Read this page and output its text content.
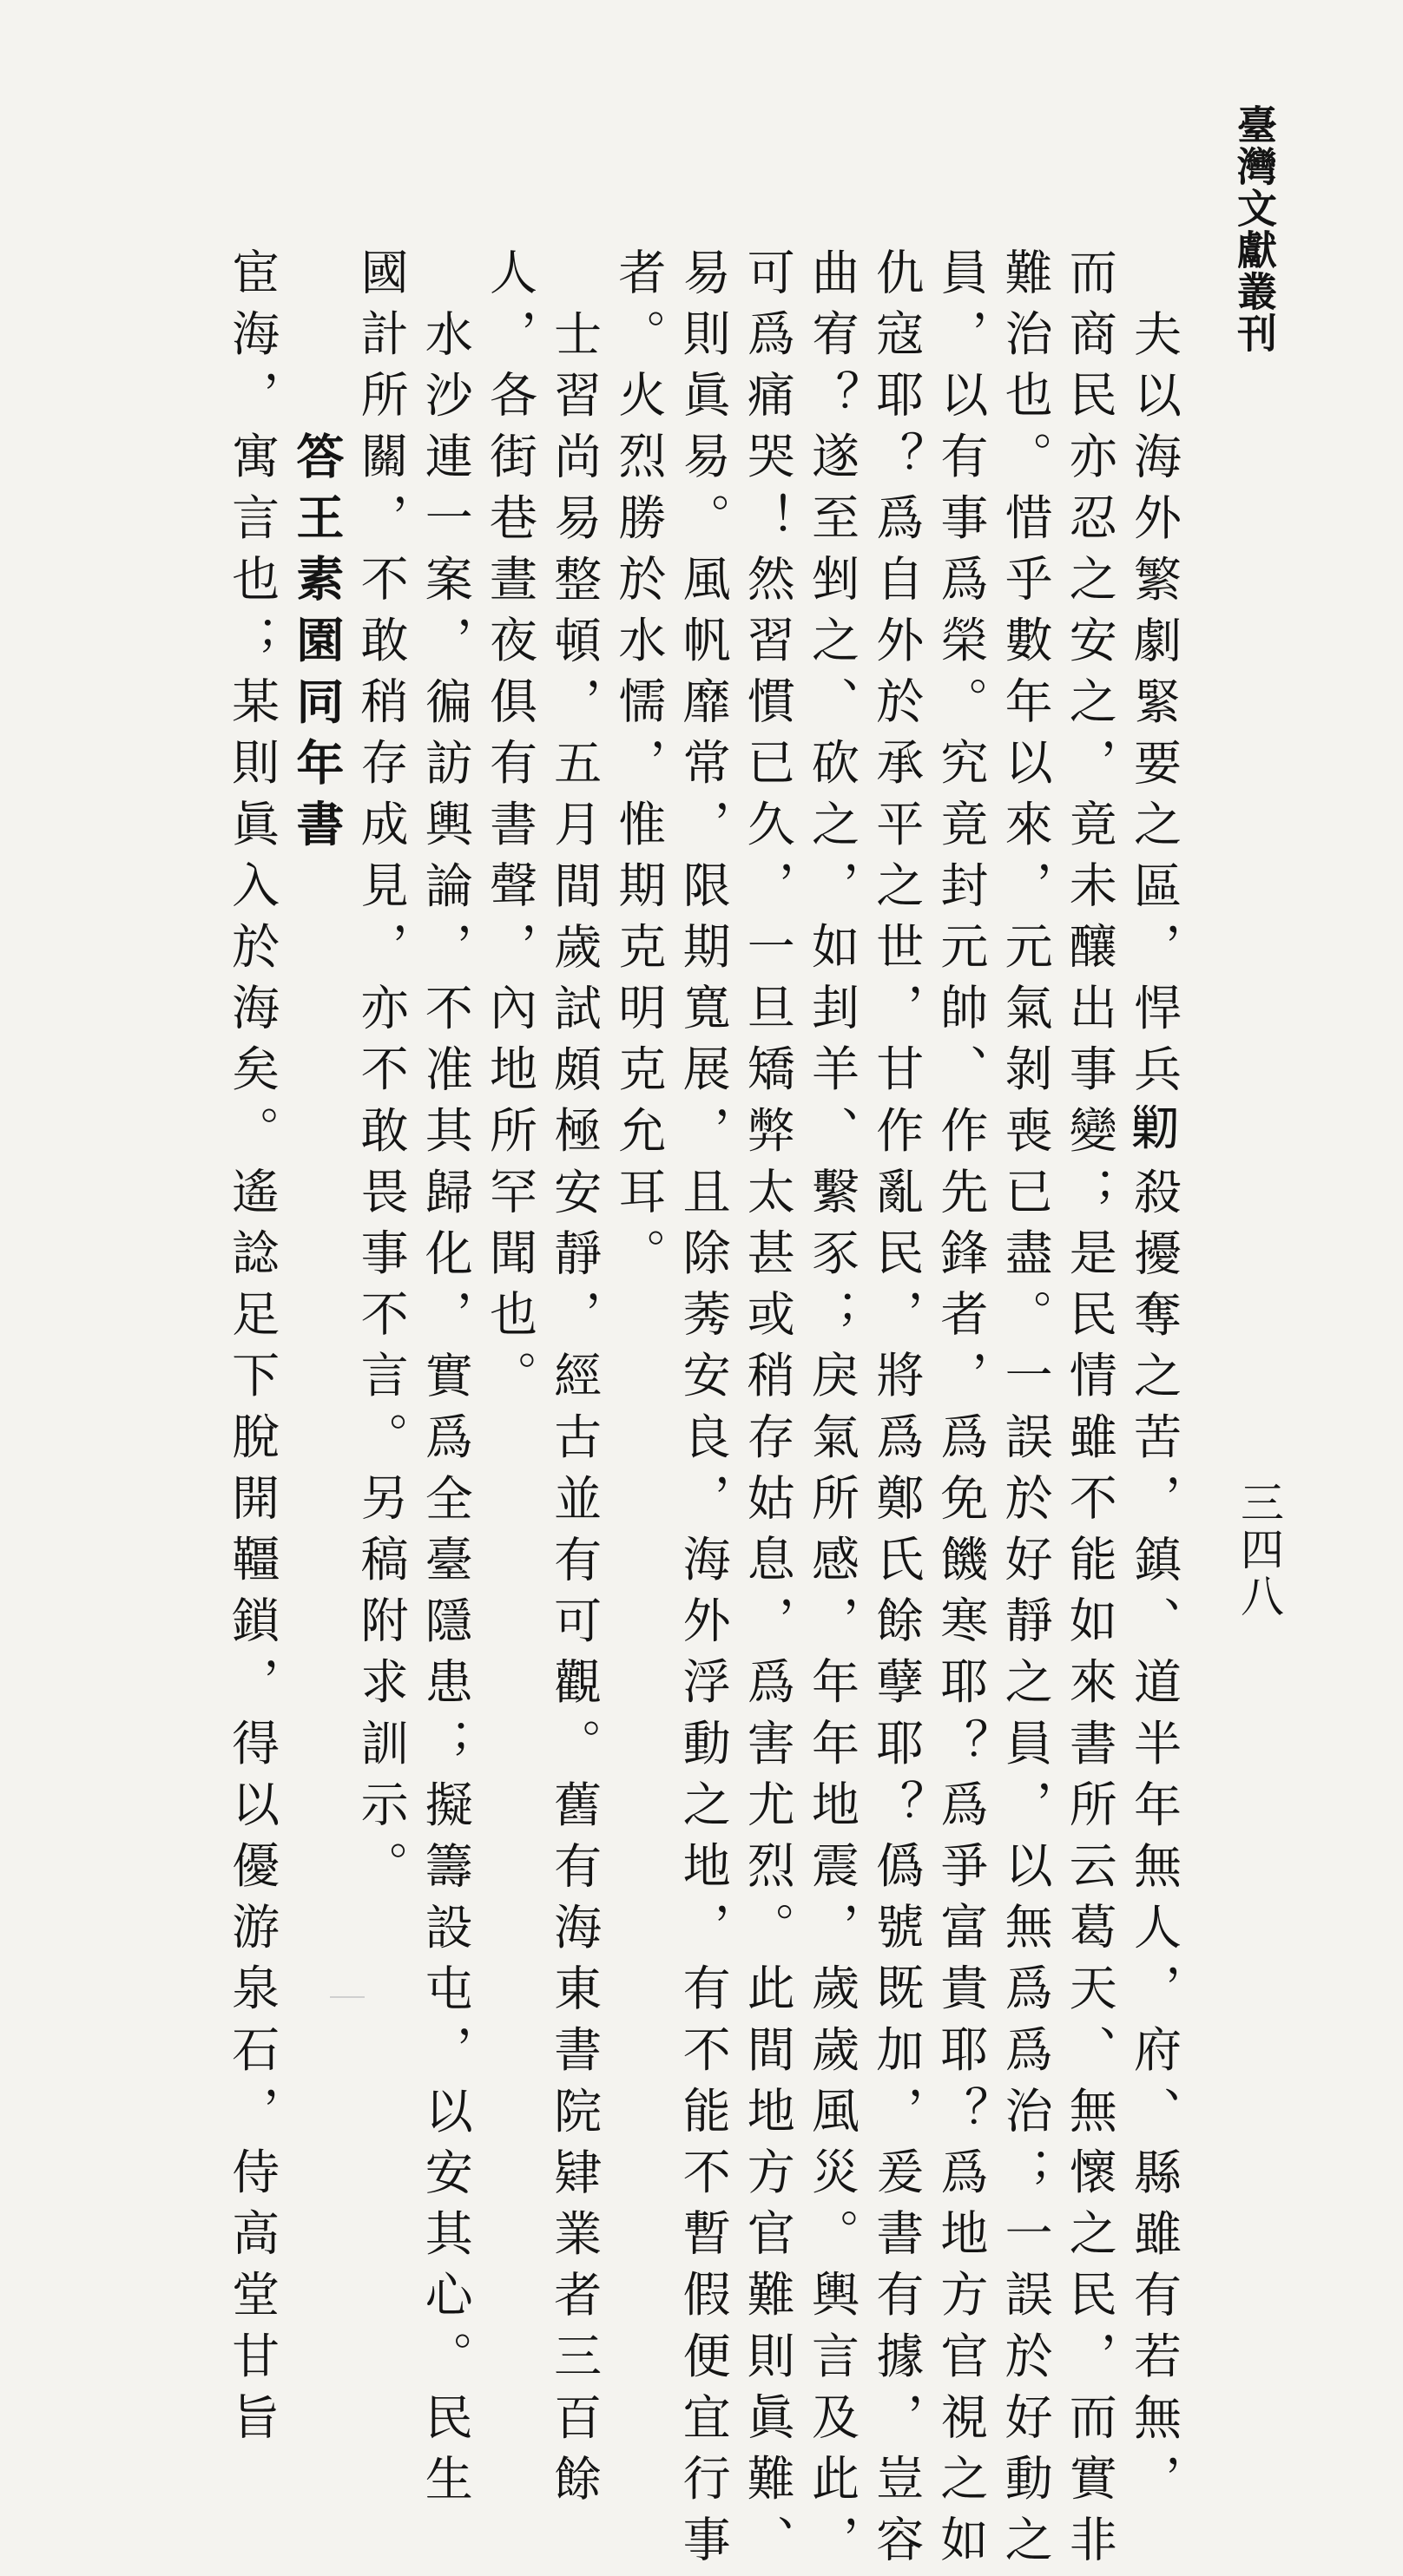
臺灣文獻叢刊
三四八
夫以海外繁劇緊要之區，悍兵𠞰殺擾奪之苦，鎮、道半年無人，府、縣雖有若無，
而商民亦忍之安之，竟未釀出事變；是民情雖不能如來書所云葛天、無懷之民，而實非
難治也。惜乎數年以來，元氣剝喪已盡。一誤於好靜之員，以無爲爲治；一誤於好動之
員，以有事爲榮。究竟封元帥、作先鋒者，爲免饑寒耶？爲爭富貴耶？爲地方官視之如
仇寇耶？爲自外於承平之世，甘作亂民，將爲鄭氏餘孽耶？僞號既加，爰書有據，豈容
曲宥？遂至剉之、砍之，如刲羊、繫豕；戾氣所感，年年地震，歲歲風災。輿言及此，
可爲痛哭！然習慣已久，一旦矯弊太甚或稍存姑息，爲害尤烈。此間地方官難則眞難、
易則眞易。風帆靡常，限期寬展，且除莠安良，海外浮動之地，有不能不暫假便宜行事
者。火烈勝於水懦，惟期克明克允耳。
士習尚易整頓，五月間歲試頗極安靜，經古並有可觀。舊有海東書院肄業者三百餘
人，各街巷晝夜俱有書聲，內地所罕聞也。
水沙連一案，徧訪輿論，不准其歸化，實爲全臺隱患；擬籌設屯，以安其心。民生
國計所關，不敢稍存成見，亦不敢畏事不言。另稿附求訓示。
答王素園同年書
宦海，寓言也；某則眞入於海矣。遙諗足下脫開韁鎖，得以優游泉石，侍高堂甘旨
